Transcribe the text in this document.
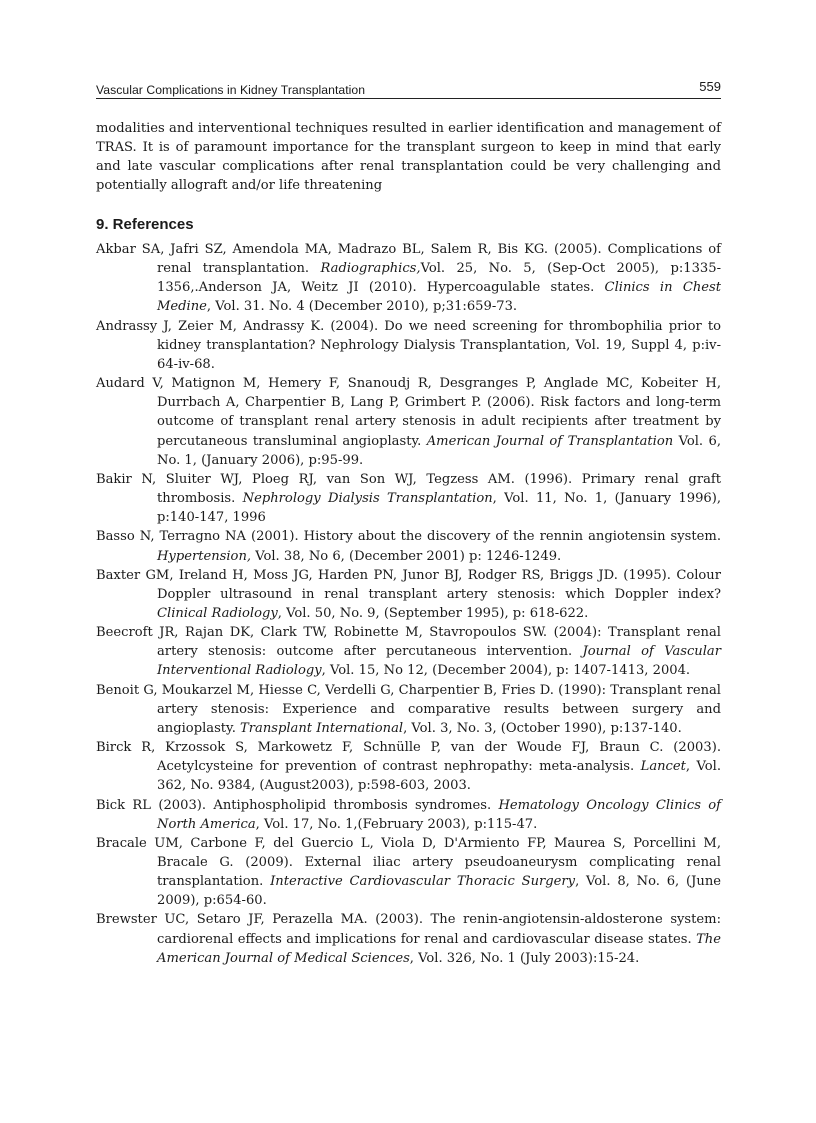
Vascular Complications in Kidney Transplantation	559

modalities and interventional techniques resulted in earlier identification and management of TRAS. It is of paramount importance for the transplant surgeon to keep in mind that early and late vascular complications after renal transplantation could be very challenging and potentially allograft and/or life threatening

9. References
Akbar SA, Jafri SZ, Amendola MA, Madrazo BL, Salem R, Bis KG. (2005). Complications of renal transplantation. Radiographics,Vol. 25, No. 5, (Sep-Oct 2005), p:1335-1356,.Anderson JA, Weitz JI (2010). Hypercoagulable states. Clinics in Chest Medine, Vol. 31. No. 4 (December 2010), p;31:659-73.
Andrassy J, Zeier M, Andrassy K. (2004). Do we need screening for thrombophilia prior to kidney transplantation? Nephrology Dialysis Transplantation, Vol. 19, Suppl 4, p:iv-64-iv-68.
Audard V, Matignon M, Hemery F, Snanoudj R, Desgranges P, Anglade MC, Kobeiter H, Durrbach A, Charpentier B, Lang P, Grimbert P. (2006). Risk factors and long-term outcome of transplant renal artery stenosis in adult recipients after treatment by percutaneous transluminal angioplasty. American Journal of Transplantation Vol. 6, No. 1, (January 2006), p:95-99.
Bakir N, Sluiter WJ, Ploeg RJ, van Son WJ, Tegzess AM. (1996). Primary renal graft thrombosis. Nephrology Dialysis Transplantation, Vol. 11, No. 1, (January 1996), p:140-147, 1996
Basso N, Terragno NA (2001). History about the discovery of the rennin angiotensin system. Hypertension, Vol. 38, No 6, (December 2001) p: 1246-1249.
Baxter GM, Ireland H, Moss JG, Harden PN, Junor BJ, Rodger RS, Briggs JD. (1995). Colour Doppler ultrasound in renal transplant artery stenosis: which Doppler index? Clinical Radiology, Vol. 50, No. 9, (September 1995), p: 618-622.
Beecroft JR, Rajan DK, Clark TW, Robinette M, Stavropoulos SW. (2004): Transplant renal artery stenosis: outcome after percutaneous intervention. Journal of Vascular Interventional Radiology, Vol. 15, No 12, (December 2004), p: 1407-1413, 2004.
Benoit G, Moukarzel M, Hiesse C, Verdelli G, Charpentier B, Fries D. (1990): Transplant renal artery stenosis: Experience and comparative results between surgery and angioplasty. Transplant International, Vol. 3, No. 3, (October 1990), p:137-140.
Birck R, Krzossok S, Markowetz F, Schnülle P, van der Woude FJ, Braun C. (2003). Acetylcysteine for prevention of contrast nephropathy: meta-analysis. Lancet, Vol. 362, No. 9384, (August2003), p:598-603, 2003.
Bick RL (2003). Antiphospholipid thrombosis syndromes. Hematology Oncology Clinics of North America, Vol. 17, No. 1,(February 2003), p:115-47.
Bracale UM, Carbone F, del Guercio L, Viola D, D'Armiento FP, Maurea S, Porcellini M, Bracale G. (2009). External iliac artery pseudoaneurysm complicating renal transplantation. Interactive Cardiovascular Thoracic Surgery, Vol. 8, No. 6, (June 2009), p:654-60.
Brewster UC, Setaro JF, Perazella MA. (2003). The renin-angiotensin-aldosterone system: cardiorenal effects and implications for renal and cardiovascular disease states. The American Journal of Medical Sciences, Vol. 326, No. 1 (July 2003):15-24.
